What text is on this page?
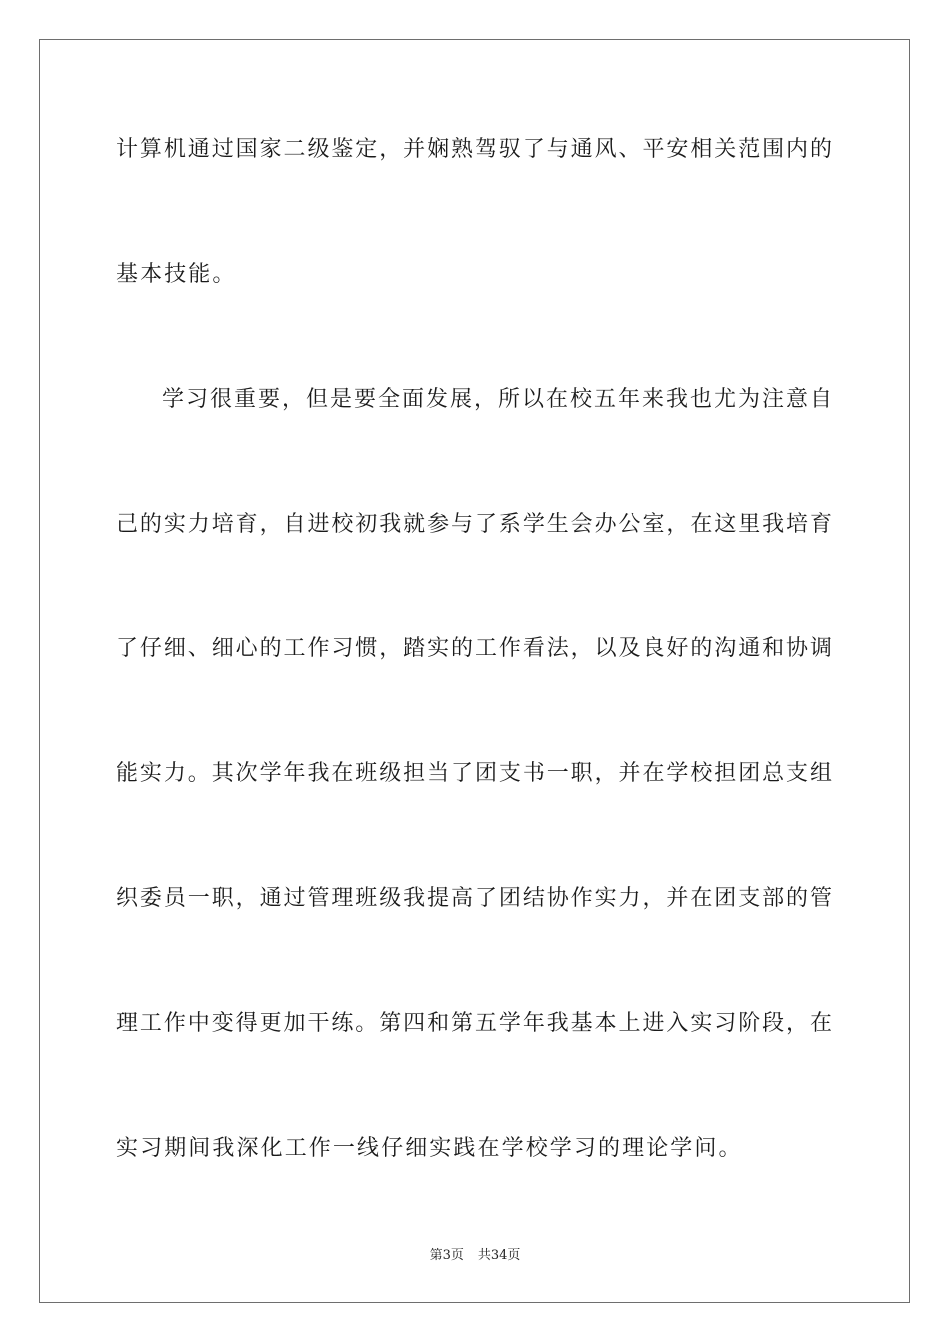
计算机通过国家二级鉴定，并娴熟驾驭了与通风、平安相关范围内的
基本技能。
学习很重要，但是要全面发展，所以在校五年来我也尤为注意自
己的实力培育，自进校初我就参与了系学生会办公室，在这里我培育
了仔细、细心的工作习惯，踏实的工作看法，以及良好的沟通和协调
能实力。其次学年我在班级担当了团支书一职，并在学校担团总支组
织委员一职，通过管理班级我提高了团结协作实力，并在团支部的管
理工作中变得更加干练。第四和第五学年我基本上进入实习阶段，在
实习期间我深化工作一线仔细实践在学校学习的理论学问。
第3页 共34页
